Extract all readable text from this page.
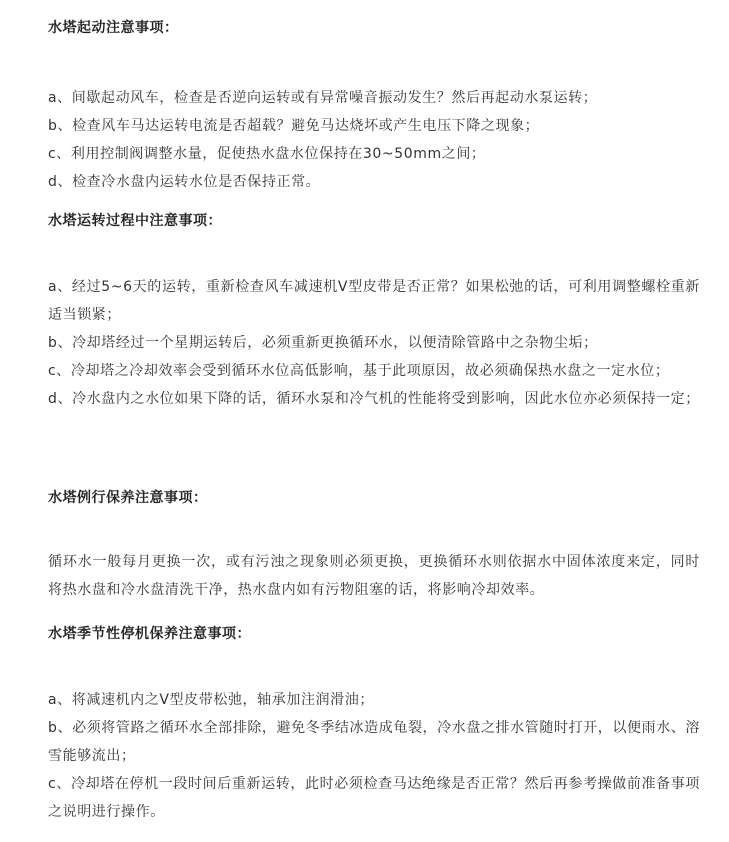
水塔起动注意事项：

a、间歇起动风车，检查是否逆向运转或有异常噪音振动发生？然后再起动水泵运转；

b、检查风车马达运转电流是否超载？避免马达烧坏或产生电压下降之现象；

c、利用控制阀调整水量，促使热水盘水位保持在30~50mm之间；

d、检查冷水盘内运转水位是否保持正常。

水塔运转过程中注意事项：

a、经过5~6天的运转，重新检查风车减速机V型皮带是否正常？如果松弛的话，可利用调整螺栓重新适当锁紧；

b、冷却塔经过一个星期运转后，必须重新更换循环水，以便清除管路中之杂物尘垢；

c、冷却塔之冷却效率会受到循环水位高低影响，基于此项原因，故必须确保热水盘之一定水位；

d、冷水盘内之水位如果下降的话，循环水泵和冷气机的性能将受到影响，因此水位亦必须保持一定；

水塔例行保养注意事项：

循环水一般每月更换一次，或有污浊之现象则必须更换，更换循环水则依据水中固体浓度来定，同时将热水盘和冷水盘清洗干净，热水盘内如有污物阻塞的话，将影响冷却效率。

水塔季节性停机保养注意事项：

a、将减速机内之V型皮带松弛，轴承加注润滑油；

b、必须将管路之循环水全部排除，避免冬季结冰造成龟裂，冷水盘之排水管随时打开，以便雨水、溶雪能够流出；

c、冷却塔在停机一段时间后重新运转，此时必须检查马达绝缘是否正常？然后再参考操做前准备事项之说明进行操作。
